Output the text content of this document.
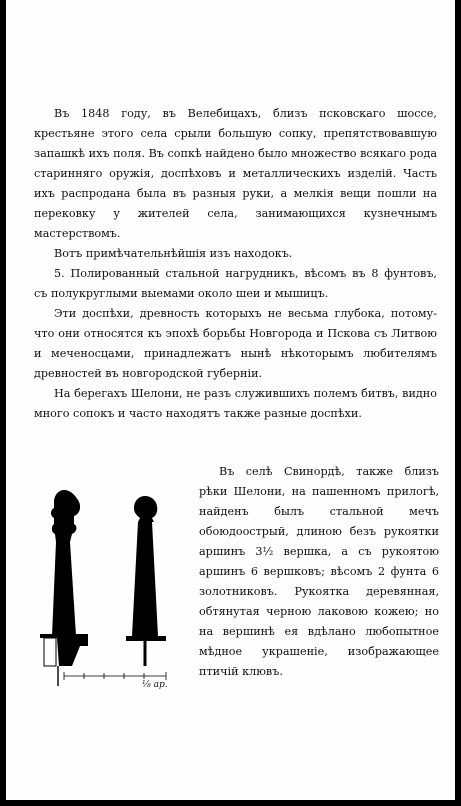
Въ 1848 году, въ Велебицахъ, близъ псковскаго шоссе, крестьяне этого села срыли большую сопку, препятствовавшую запашкѣ ихъ поля. Въ сопкѣ найдено было множество всякаго рода старинняго оружія, доспѣховъ и металлическихъ изделій. Часть ихъ распродана была въ разныя руки, а мелкія вещи пошли на перековку у жителей села, занимающихся кузнечнымъ мастерствомъ.

Вотъ примѣчательнѣйшія изъ находокъ.

5. Полированный стальной нагрудникъ, вѣсомъ въ 8 фунтовъ, съ полукруглыми выемами около шеи и мышицъ.

Эти доспѣхи, древность которыхъ не весьма глубока, потому-что они относятся къ эпохѣ борьбы Новгорода и Пскова съ Литвою и меченосцами, принадлежатъ нынѣ нѣкоторымъ любителямъ древностей въ новгородской губерніи.

На берегахъ Шелони, не разъ служившихъ полемъ битвъ, видно много сопокъ и часто находятъ также разные доспѣхи.

⅛ ар.

Въ селѣ Свинордѣ, также близъ рѣки Шелони, на пашенномъ прилогѣ, найденъ былъ стальной мечъ обоюдоострый, длиною безъ рукоятки аршинъ 3½ вершка, а съ рукоятою аршинъ 6 вершковъ; вѣсомъ 2 фунта 6 золотниковъ. Рукоятка деревянная, обтянутая черною лаковою кожею; но на вершинѣ ея вдѣлано любопытное мѣдное украшеніе, изображающее птичій клювъ.
